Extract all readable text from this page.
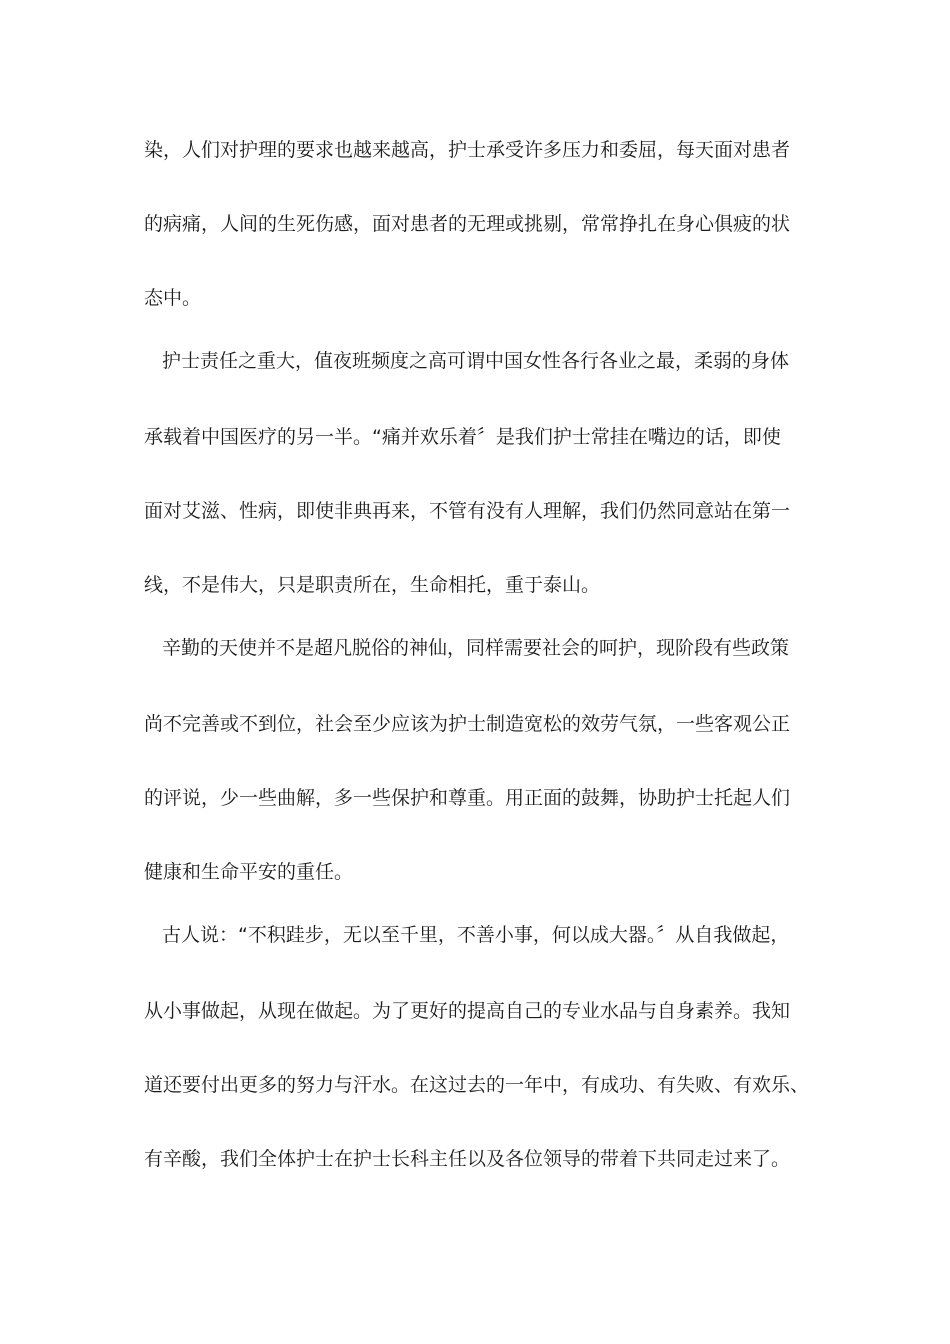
染，人们对护理的要求也越来越高，护士承受许多压力和委屈，每天面对患者
的病痛，人间的生死伤感，面对患者的无理或挑剔，常常挣扎在身心俱疲的状
态中。
护士责任之重大，值夜班频度之高可谓中国女性各行各业之最，柔弱的身体
承载着中国医疗的另一半。“痛并欢乐着〞是我们护士常挂在嘴边的话，即使
面对艾滋、性病，即使非典再来，不管有没有人理解，我们仍然同意站在第一
线，不是伟大，只是职责所在，生命相托，重于泰山。
辛勤的天使并不是超凡脱俗的神仙，同样需要社会的呵护，现阶段有些政策
尚不完善或不到位，社会至少应该为护士制造宽松的效劳气氛，一些客观公正
的评说，少一些曲解，多一些保护和尊重。用正面的鼓舞，协助护士托起人们
健康和生命平安的重任。
古人说：“不积跬步，无以至千里，不善小事，何以成大器。〞从自我做起，
从小事做起，从现在做起。为了更好的提高自己的专业水品与自身素养。我知
道还要付出更多的努力与汗水。在这过去的一年中，有成功、有失败、有欢乐、
有辛酸，我们全体护士在护士长科主任以及各位领导的带着下共同走过来了。
